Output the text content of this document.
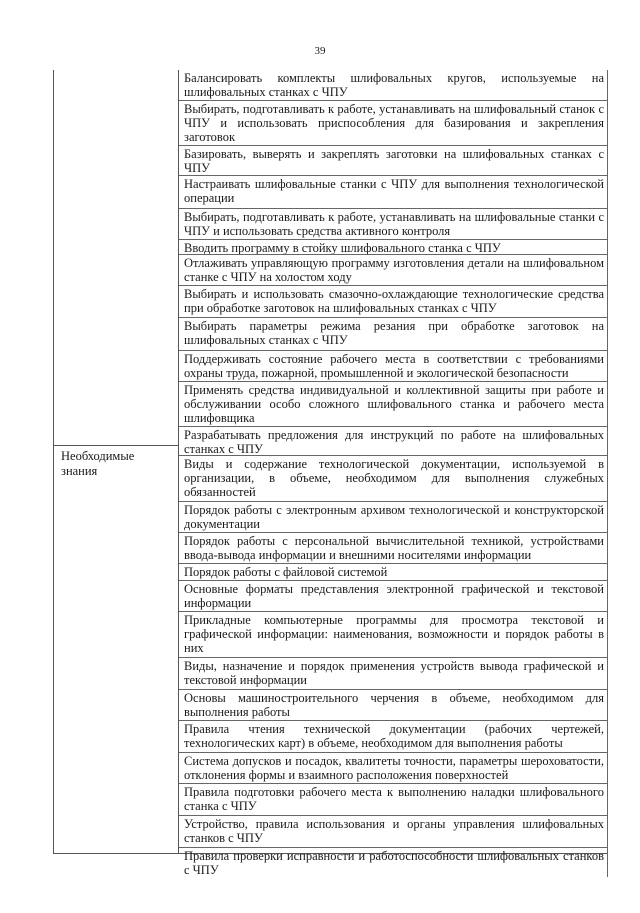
39
Необходимые знания
Балансировать комплекты шлифовальных кругов, используемые на шлифовальных станках с ЧПУ
Выбирать, подготавливать к работе, устанавливать на шлифовальный станок с ЧПУ и использовать приспособления для базирования и закрепления заготовок
Базировать, выверять и закреплять заготовки на шлифовальных станках с ЧПУ
Настраивать шлифовальные станки с ЧПУ для выполнения технологической операции
Выбирать, подготавливать к работе, устанавливать на шлифовальные станки с ЧПУ и использовать средства активного контроля
Вводить программу в стойку шлифовального станка с ЧПУ
Отлаживать управляющую программу изготовления детали на шлифовальном станке с ЧПУ на холостом ходу
Выбирать и использовать смазочно-охлаждающие технологические средства при обработке заготовок на шлифовальных станках с ЧПУ
Выбирать параметры режима резания при обработке заготовок на шлифовальных станках с ЧПУ
Поддерживать состояние рабочего места в соответствии с требованиями охраны труда, пожарной, промышленной и экологической безопасности
Применять средства индивидуальной и коллективной защиты при работе и обслуживании особо сложного шлифовального станка и рабочего места шлифовщика
Разрабатывать предложения для инструкций по работе на шлифовальных станках с ЧПУ
Виды и содержание технологической документации, используемой в организации, в объеме, необходимом для выполнения служебных обязанностей
Порядок работы с электронным архивом технологической и конструкторской документации
Порядок работы с персональной вычислительной техникой, устройствами ввода-вывода информации и внешними носителями информации
Порядок работы с файловой системой
Основные форматы представления электронной графической и текстовой информации
Прикладные компьютерные программы для просмотра текстовой и графической информации: наименования, возможности и порядок работы в них
Виды, назначение и порядок применения устройств вывода графической и текстовой информации
Основы машиностроительного черчения в объеме, необходимом для выполнения работы
Правила чтения технической документации (рабочих чертежей, технологических карт) в объеме, необходимом для выполнения работы
Система допусков и посадок, квалитеты точности, параметры шероховатости, отклонения формы и взаимного расположения поверхностей
Правила подготовки рабочего места к выполнению наладки шлифовального станка с ЧПУ
Устройство, правила использования и органы управления шлифовальных станков с ЧПУ
Правила проверки исправности и работоспособности шлифовальных станков с ЧПУ
